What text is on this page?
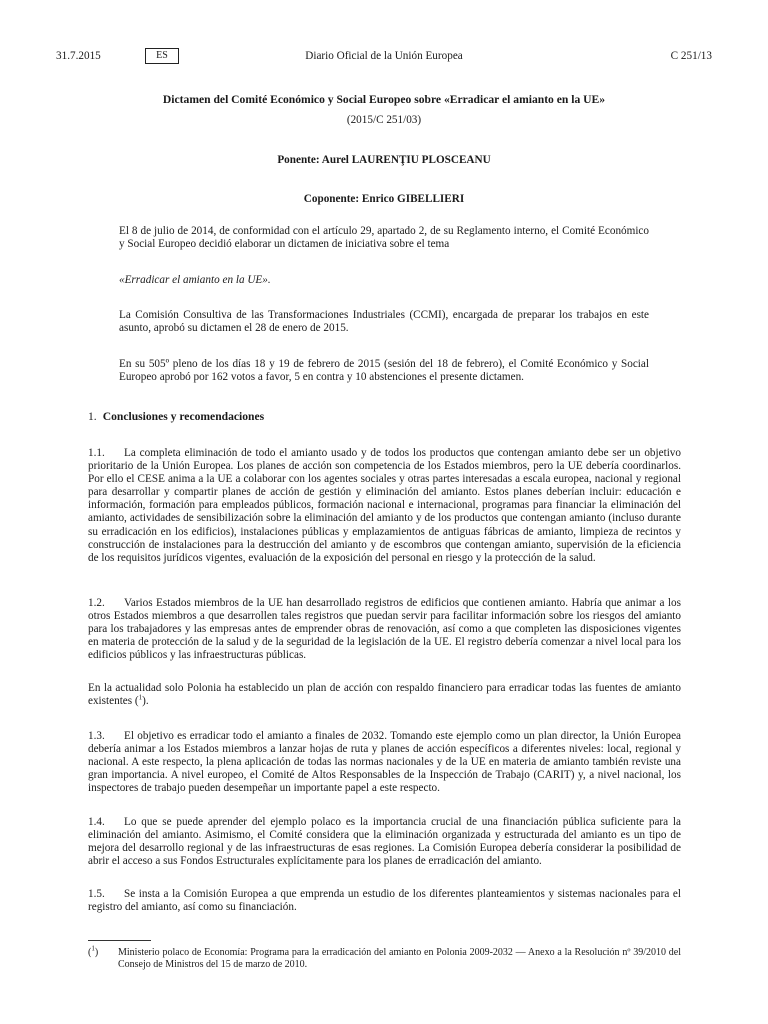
31.7.2015	ES	Diario Oficial de la Unión Europea	C 251/13
Dictamen del Comité Económico y Social Europeo sobre «Erradicar el amianto en la UE»
(2015/C 251/03)
Ponente: Aurel LAURENŢIU PLOSCEANU
Coponente: Enrico GIBELLIERI

El 8 de julio de 2014, de conformidad con el artículo 29, apartado 2, de su Reglamento interno, el Comité Económico y Social Europeo decidió elaborar un dictamen de iniciativa sobre el tema

«Erradicar el amianto en la UE».

La Comisión Consultiva de las Transformaciones Industriales (CCMI), encargada de preparar los trabajos en este asunto, aprobó su dictamen el 28 de enero de 2015.

En su 505º pleno de los días 18 y 19 de febrero de 2015 (sesión del 18 de febrero), el Comité Económico y Social Europeo aprobó por 162 votos a favor, 5 en contra y 10 abstenciones el presente dictamen.

1. Conclusiones y recomendaciones

1.1. La completa eliminación de todo el amianto usado y de todos los productos que contengan amianto debe ser un objetivo prioritario de la Unión Europea. Los planes de acción son competencia de los Estados miembros, pero la UE debería coordinarlos. Por ello el CESE anima a la UE a colaborar con los agentes sociales y otras partes interesadas a escala europea, nacional y regional para desarrollar y compartir planes de acción de gestión y eliminación del amianto. Estos planes deberían incluir: educación e información, formación para empleados públicos, formación nacional e internacional, programas para financiar la eliminación del amianto, actividades de sensibilización sobre la eliminación del amianto y de los productos que contengan amianto (incluso durante su erradicación en los edificios), instalaciones públicas y emplazamientos de antiguas fábricas de amianto, limpieza de recintos y construcción de instalaciones para la destrucción del amianto y de escombros que contengan amianto, supervisión de la eficiencia de los requisitos jurídicos vigentes, evaluación de la exposición del personal en riesgo y la protección de la salud.

1.2. Varios Estados miembros de la UE han desarrollado registros de edificios que contienen amianto. Habría que animar a los otros Estados miembros a que desarrollen tales registros que puedan servir para facilitar información sobre los riesgos del amianto para los trabajadores y las empresas antes de emprender obras de renovación, así como a que completen las disposiciones vigentes en materia de protección de la salud y de la seguridad de la legislación de la UE. El registro debería comenzar a nivel local para los edificios públicos y las infraestructuras públicas.

En la actualidad solo Polonia ha establecido un plan de acción con respaldo financiero para erradicar todas las fuentes de amianto existentes ($^1$).

1.3. El objetivo es erradicar todo el amianto a finales de 2032. Tomando este ejemplo como un plan director, la Unión Europea debería animar a los Estados miembros a lanzar hojas de ruta y planes de acción específicos a diferentes niveles: local, regional y nacional. A este respecto, la plena aplicación de todas las normas nacionales y de la UE en materia de amianto también reviste una gran importancia. A nivel europeo, el Comité de Altos Responsables de la Inspección de Trabajo (CARIT) y, a nivel nacional, los inspectores de trabajo pueden desempeñar un importante papel a este respecto.

1.4. Lo que se puede aprender del ejemplo polaco es la importancia crucial de una financiación pública suficiente para la eliminación del amianto. Asimismo, el Comité considera que la eliminación organizada y estructurada del amianto es un tipo de mejora del desarrollo regional y de las infraestructuras de esas regiones. La Comisión Europea debería considerar la posibilidad de abrir el acceso a sus Fondos Estructurales explícitamente para los planes de erradicación del amianto.

1.5. Se insta a la Comisión Europea a que emprenda un estudio de los diferentes planteamientos y sistemas nacionales para el registro del amianto, así como su financiación.

($^1$) Ministerio polaco de Economía: Programa para la erradicación del amianto en Polonia 2009-2032 — Anexo a la Resolución nº 39/2010 del Consejo de Ministros del 15 de marzo de 2010.
